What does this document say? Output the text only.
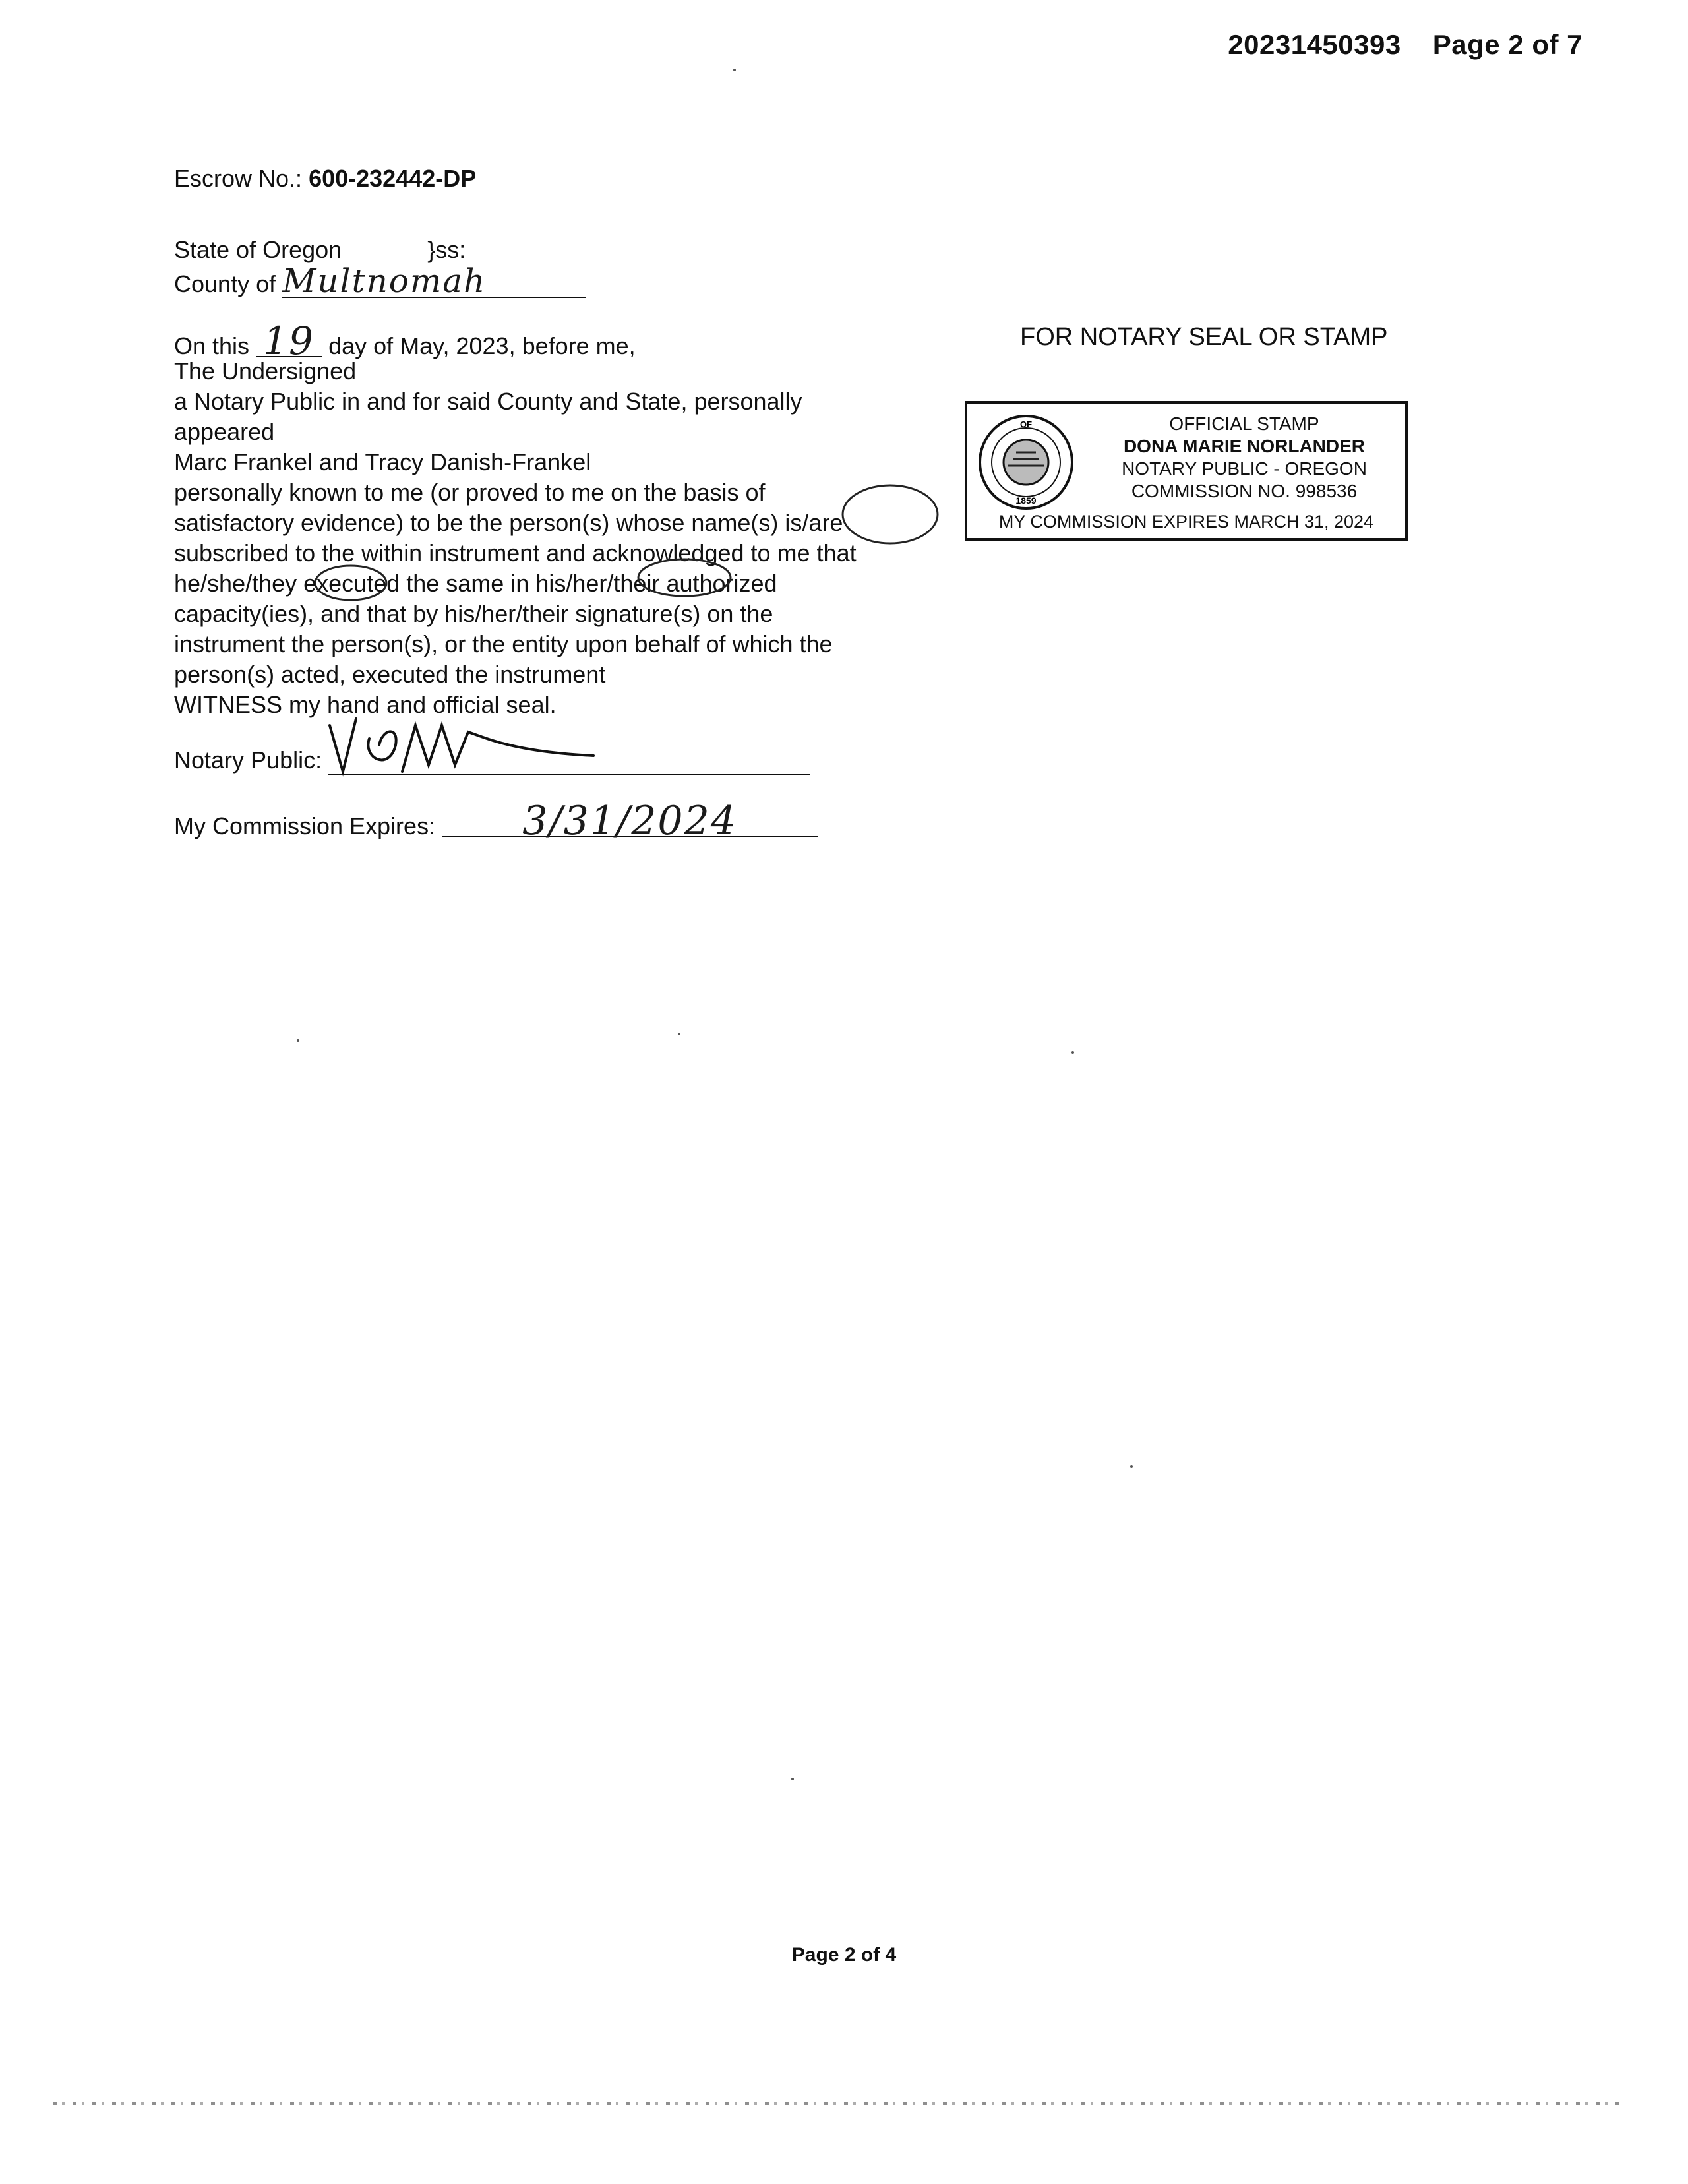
20231450393 Page 2 of 7
Escrow No.: 600-232442-DP
State of Oregon	}ss:
County of Multnomah
On this 19 day of May, 2023, before me,
The Undersigned
a Notary Public in and for said County and State, personally
appeared
Marc Frankel and Tracy Danish-Frankel
personally known to me (or proved to me on the basis of
satisfactory evidence) to be the person(s) whose name(s) is/are
subscribed to the within instrument and acknowledged to me that
he/she/they executed the same in his/her/their authorized
capacity(ies), and that by his/her/their signature(s) on the
instrument the person(s), or the entity upon behalf of which the
person(s) acted, executed the instrument
WITNESS my hand and official seal.
Notary Public:
My Commission Expires: 3/31/2024
FOR NOTARY SEAL OR STAMP
OF
1859
OFFICIAL STAMP
DONA MARIE NORLANDER
NOTARY PUBLIC - OREGON
COMMISSION NO. 998536
MY COMMISSION EXPIRES MARCH 31, 2024
Page 2 of 4
